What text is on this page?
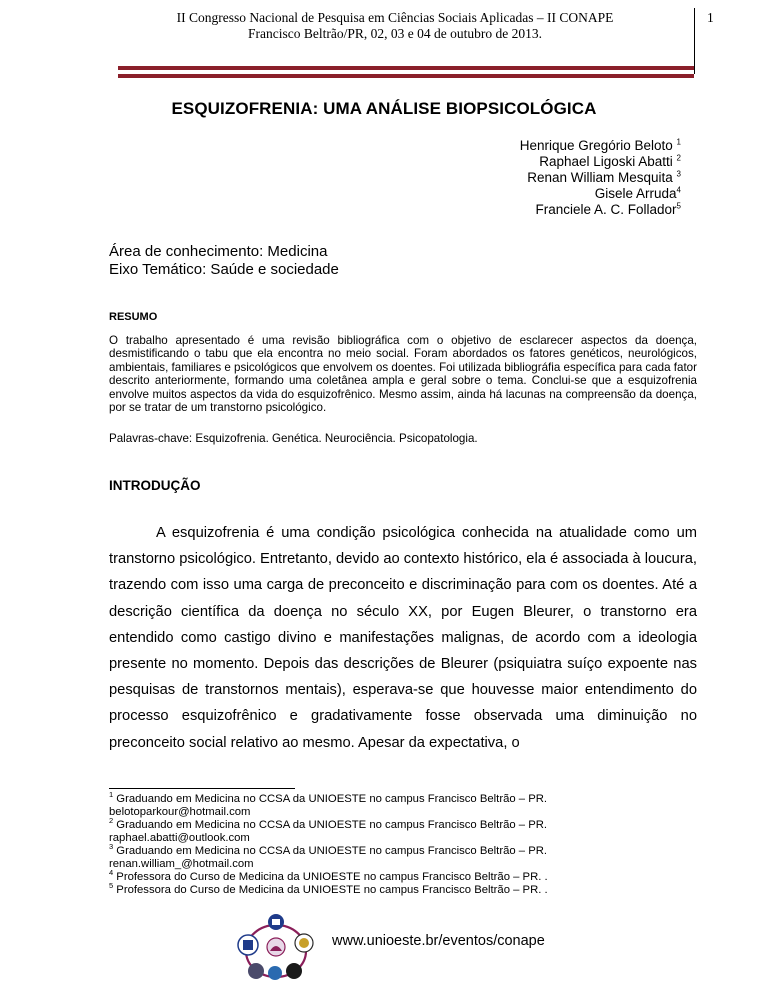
II Congresso Nacional de Pesquisa em Ciências Sociais Aplicadas – II CONAPE
Francisco Beltrão/PR, 02, 03 e 04 de outubro de 2013.
1
ESQUIZOFRENIA: UMA ANÁLISE BIOPSICOLÓGICA
Henrique Gregório Beloto $^1$
Raphael Ligoski Abatti $^2$
Renan William Mesquita $^3$
Gisele Arruda$^4$
Franciele A. C. Follador$^5$
Área de conhecimento: Medicina
Eixo Temático: Saúde e sociedade
RESUMO
O trabalho apresentado é uma revisão bibliográfica com o objetivo de esclarecer aspectos da doença, desmistificando o tabu que ela encontra no meio social. Foram abordados os fatores genéticos, neurológicos, ambientais, familiares e psicológicos que envolvem os doentes. Foi utilizada bibliográfia específica para cada fator descrito anteriormente, formando uma coletânea ampla e geral sobre o tema. Conclui-se que a esquizofrenia envolve muitos aspectos da vida do esquizofrênico. Mesmo assim, ainda há lacunas na compreensão da doença, por se tratar de um transtorno psicológico.
Palavras-chave: Esquizofrenia. Genética. Neurociência. Psicopatologia.
INTRODUÇÃO
A esquizofrenia é uma condição psicológica conhecida na atualidade como um transtorno psicológico. Entretanto, devido ao contexto histórico, ela é associada à loucura, trazendo com isso uma carga de preconceito e discriminação para com os doentes. Até a descrição científica da doença no século XX, por Eugen Bleurer, o transtorno era entendido como castigo divino e manifestações malignas, de acordo com a ideologia presente no momento. Depois das descrições de Bleurer (psiquiatra suíço expoente nas pesquisas de transtornos mentais), esperava-se que houvesse maior entendimento do processo esquizofrênico e gradativamente fosse observada uma diminuição no preconceito social relativo ao mesmo. Apesar da expectativa, o
$^1$ Graduando em Medicina no CCSA da UNIOESTE no campus Francisco Beltrão – PR.
belotoparkour@hotmail.com
$^2$ Graduando em Medicina no CCSA da UNIOESTE no campus Francisco Beltrão – PR.
raphael.abatti@outlook.com
$^3$ Graduando em Medicina no CCSA da UNIOESTE no campus Francisco Beltrão – PR.
renan.william_@hotmail.com
$^4$ Professora do Curso de Medicina da UNIOESTE no campus Francisco Beltrão – PR. .
$^5$ Professora do Curso de Medicina da UNIOESTE no campus Francisco Beltrão – PR. .
www.unioeste.br/eventos/conape
